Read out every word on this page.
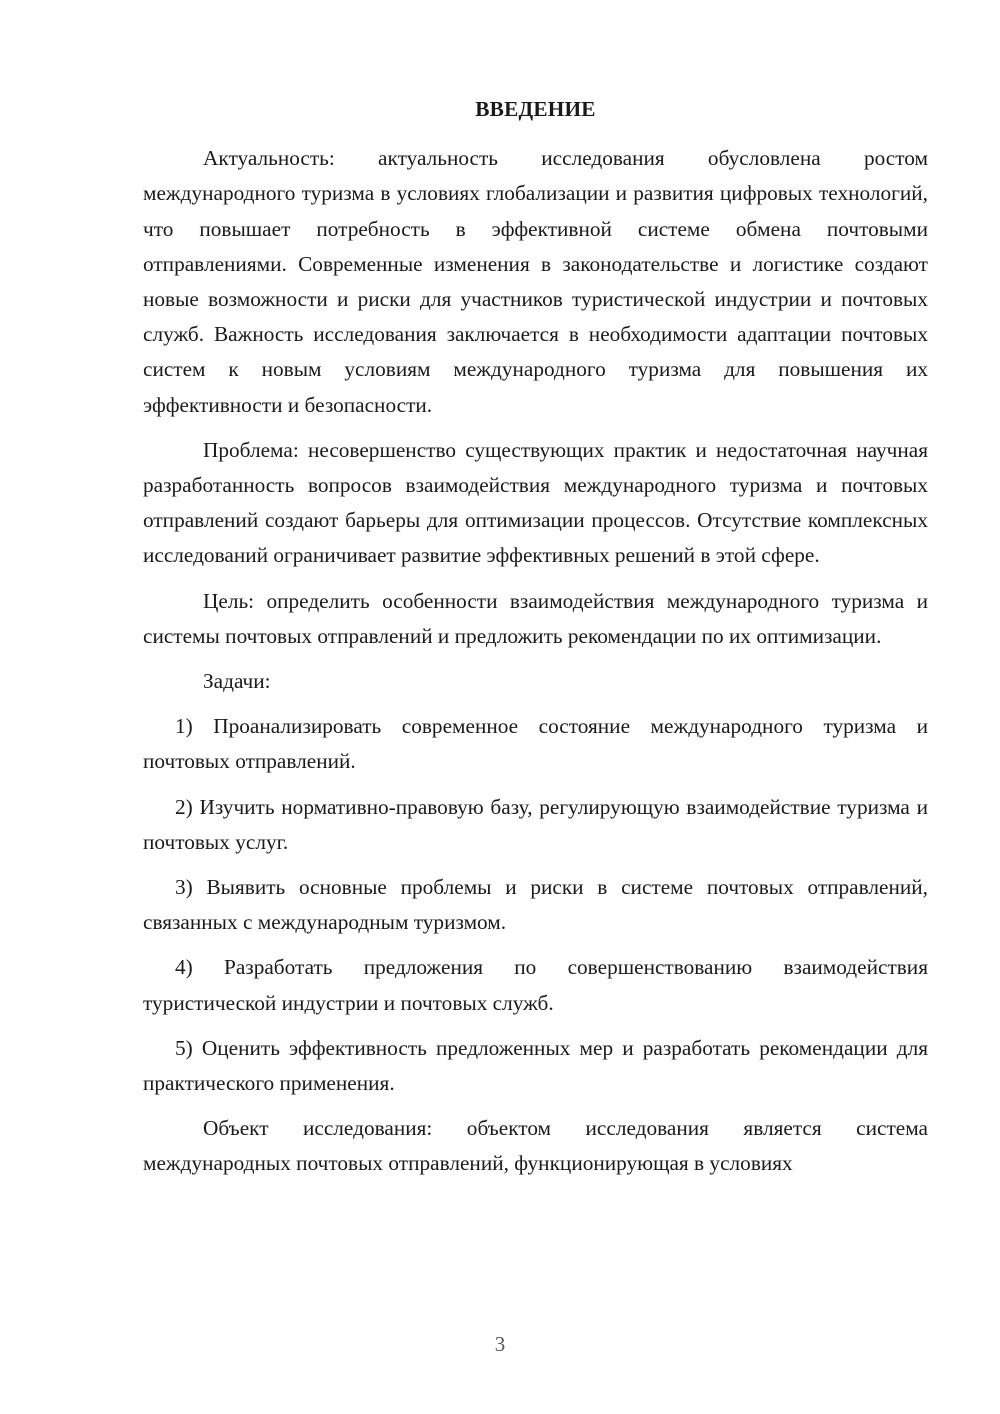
ВВЕДЕНИЕ

Актуальность: актуальность исследования обусловлена ростом международного туризма в условиях глобализации и развития цифровых технологий, что повышает потребность в эффективной системе обмена почтовыми отправлениями. Современные изменения в законодательстве и логистике создают новые возможности и риски для участников туристической индустрии и почтовых служб. Важность исследования заключается в необходимости адаптации почтовых систем к новым условиям международного туризма для повышения их эффективности и безопасности.

Проблема: несовершенство существующих практик и недостаточная научная разработанность вопросов взаимодействия международного туризма и почтовых отправлений создают барьеры для оптимизации процессов. Отсутствие комплексных исследований ограничивает развитие эффективных решений в этой сфере.

Цель: определить особенности взаимодействия международного туризма и системы почтовых отправлений и предложить рекомендации по их оптимизации.

Задачи:

1) Проанализировать современное состояние международного туризма и почтовых отправлений.

2) Изучить нормативно-правовую базу, регулирующую взаимодействие туризма и почтовых услуг.

3) Выявить основные проблемы и риски в системе почтовых отправлений, связанных с международным туризмом.

4) Разработать предложения по совершенствованию взаимодействия туристической индустрии и почтовых служб.

5) Оценить эффективность предложенных мер и разработать рекомендации для практического применения.

Объект исследования: объектом исследования является система международных почтовых отправлений, функционирующая в условиях

3
